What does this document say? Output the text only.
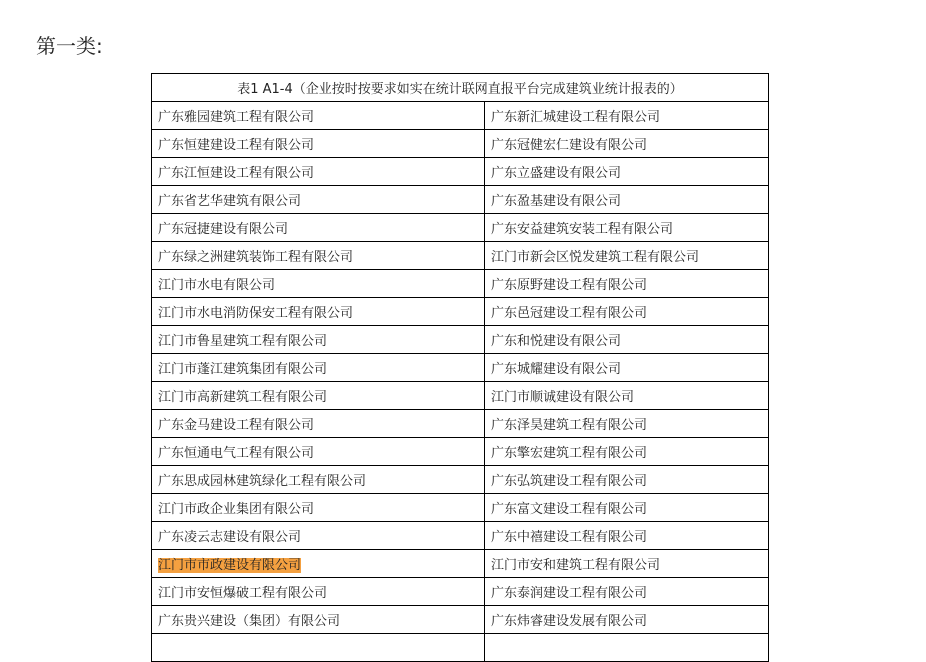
第一类:
表1 A1-4（企业按时按要求如实在统计联网直报平台完成建筑业统计报表的）	
广东雅园建筑工程有限公司	广东新汇城建设工程有限公司
广东恒建建设工程有限公司	广东冠健宏仁建设有限公司
广东江恒建设工程有限公司	广东立盛建设有限公司
广东省艺华建筑有限公司	广东盈基建设有限公司
广东冠捷建设有限公司	广东安益建筑安装工程有限公司
广东绿之洲建筑装饰工程有限公司	江门市新会区悦发建筑工程有限公司
江门市水电有限公司	广东原野建设工程有限公司
江门市水电消防保安工程有限公司	广东邑冠建设工程有限公司
江门市鲁星建筑工程有限公司	广东和悦建设有限公司
江门市蓬江建筑集团有限公司	广东城耀建设有限公司
江门市高新建筑工程有限公司	江门市顺诚建设有限公司
广东金马建设工程有限公司	广东泽昊建筑工程有限公司
广东恒通电气工程有限公司	广东擎宏建筑工程有限公司
广东思成园林建筑绿化工程有限公司	广东弘筑建设工程有限公司
江门市政企业集团有限公司	广东富文建设工程有限公司
广东凌云志建设有限公司	广东中禧建设工程有限公司
江门市市政建设有限公司	江门市安和建筑工程有限公司
江门市安恒爆破工程有限公司	广东泰润建设工程有限公司
广东贵兴建设（集团）有限公司	广东炜睿建设发展有限公司
